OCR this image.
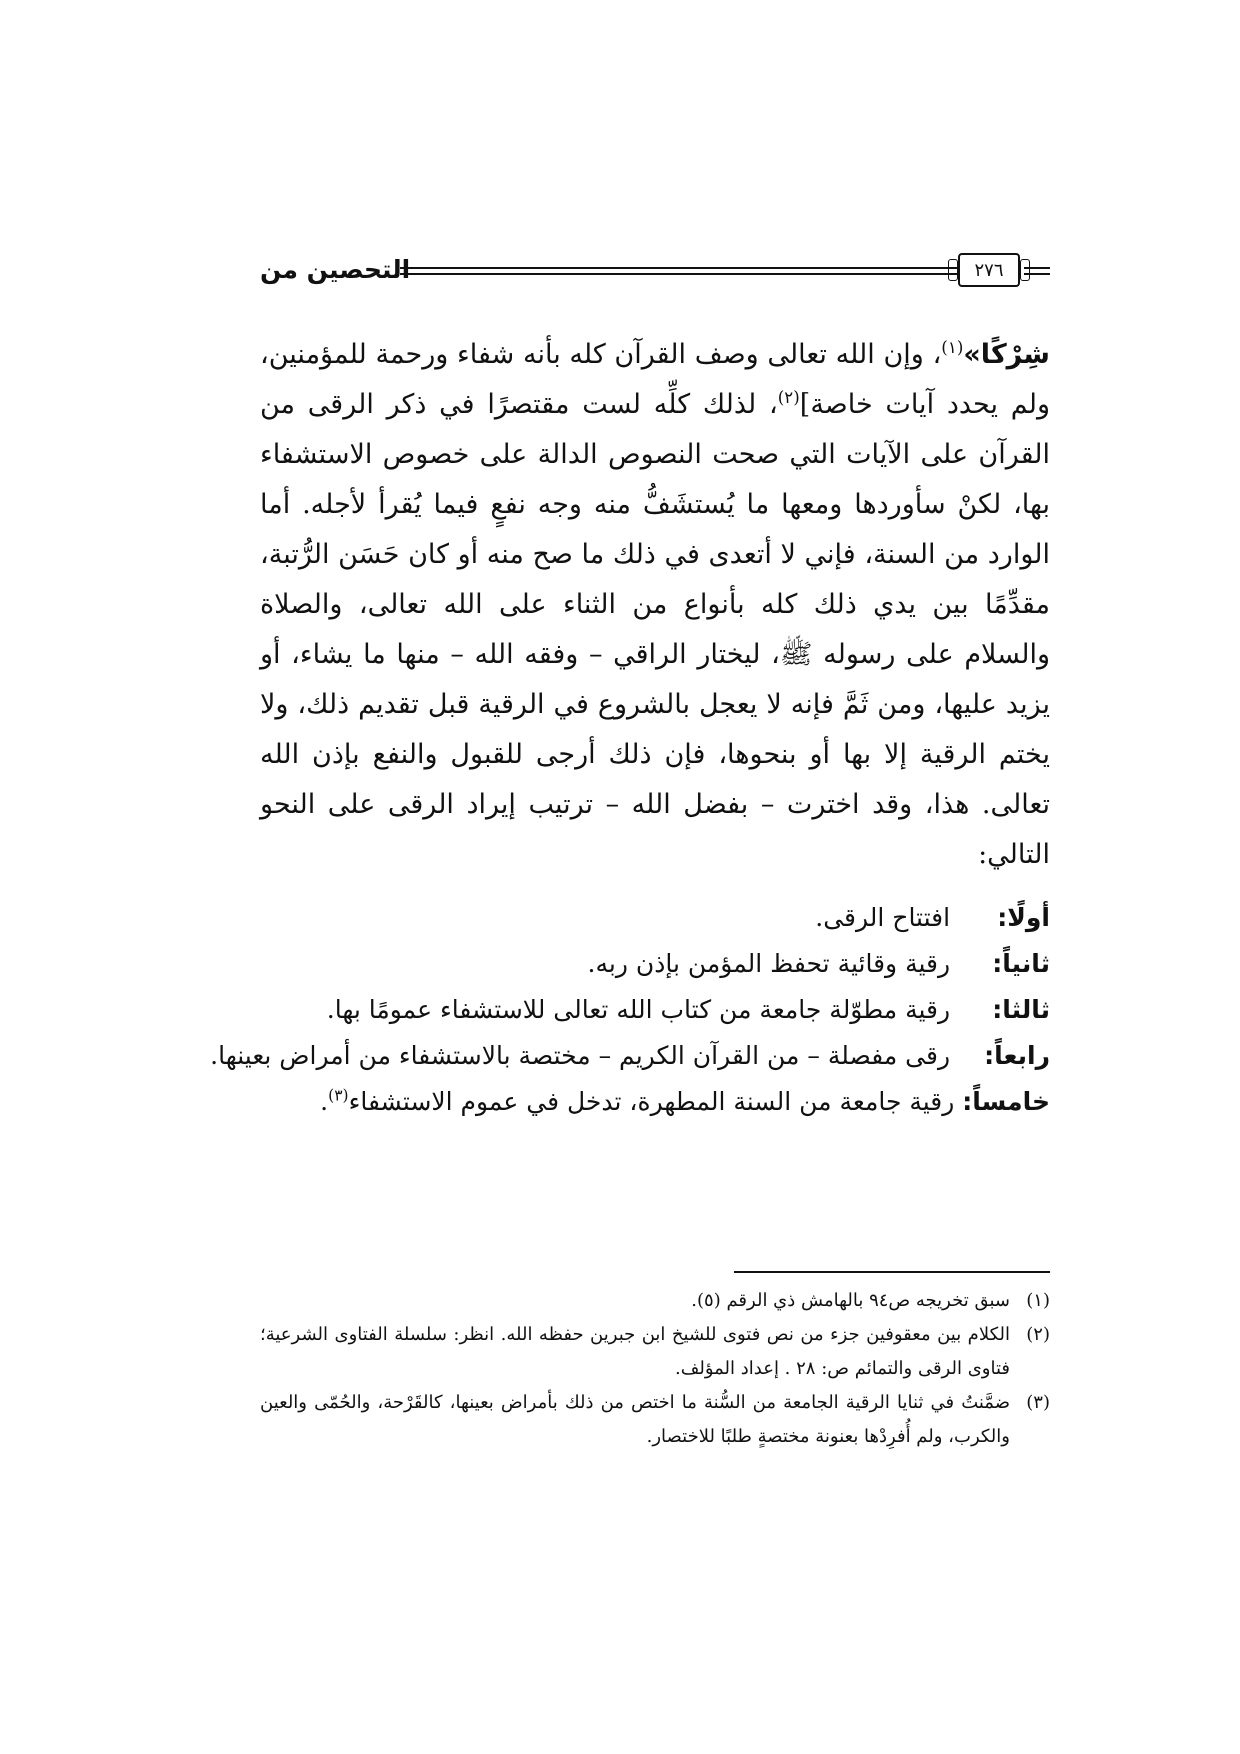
التحصين من	٢٧٦

شِرْكًا»$^{(١)}$، وإن الله تعالى وصف القرآن كله بأنه شفاء ورحمة للمؤمنين، ولم يحدد آيات خاصة]$^{(٢)}$، لذلك كلِّه لست مقتصرًا في ذكر الرقى من القرآن على الآيات التي صحت النصوص الدالة على خصوص الاستشفاء بها، لكنْ سأوردها ومعها ما يُستشَفُّ منه وجه نفعٍ فيما يُقرأ لأجله. أما الوارد من السنة، فإني لا أتعدى في ذلك ما صح منه أو كان حَسَن الرُّتبة، مقدِّمًا بين يدي ذلك كله بأنواع من الثناء على الله تعالى، والصلاة والسلام على رسوله ﷺ، ليختار الراقي – وفقه الله – منها ما يشاء، أو يزيد عليها، ومن ثَمَّ فإنه لا يعجل بالشروع في الرقية قبل تقديم ذلك، ولا يختم الرقية إلا بها أو بنحوها، فإن ذلك أرجى للقبول والنفع بإذن الله تعالى. هذا، وقد اخترت – بفضل الله – ترتيب إيراد الرقى على النحو التالي:

أولًا: افتتاح الرقى.
ثانياً: رقية وقائية تحفظ المؤمن بإذن ربه.
ثالثا: رقية مطوّلة جامعة من كتاب الله تعالى للاستشفاء عمومًا بها.
رابعاً: رقى مفصلة – من القرآن الكريم – مختصة بالاستشفاء من أمراض بعينها.
خامساً: رقية جامعة من السنة المطهرة، تدخل في عموم الاستشفاء$^{(٣)}$.
(١)
سبق تخريجه ص٩٤ بالهامش ذي الرقم (٥).
(٢)
الكلام بين معقوفين جزء من نص فتوى للشيخ ابن جبرين حفظه الله. انظر: سلسلة الفتاوى الشرعية؛ فتاوى الرقى والتمائم ص: ٢٨ . إعداد المؤلف.
(٣)
ضمَّنتُ في ثنايا الرقية الجامعة من السُّنة ما اختص من ذلك بأمراض بعينها، كالقَرْحة، والحُمّى والعين والكرب، ولم أُفرِدْها بعنونة مختصةٍ طلبًا للاختصار.
